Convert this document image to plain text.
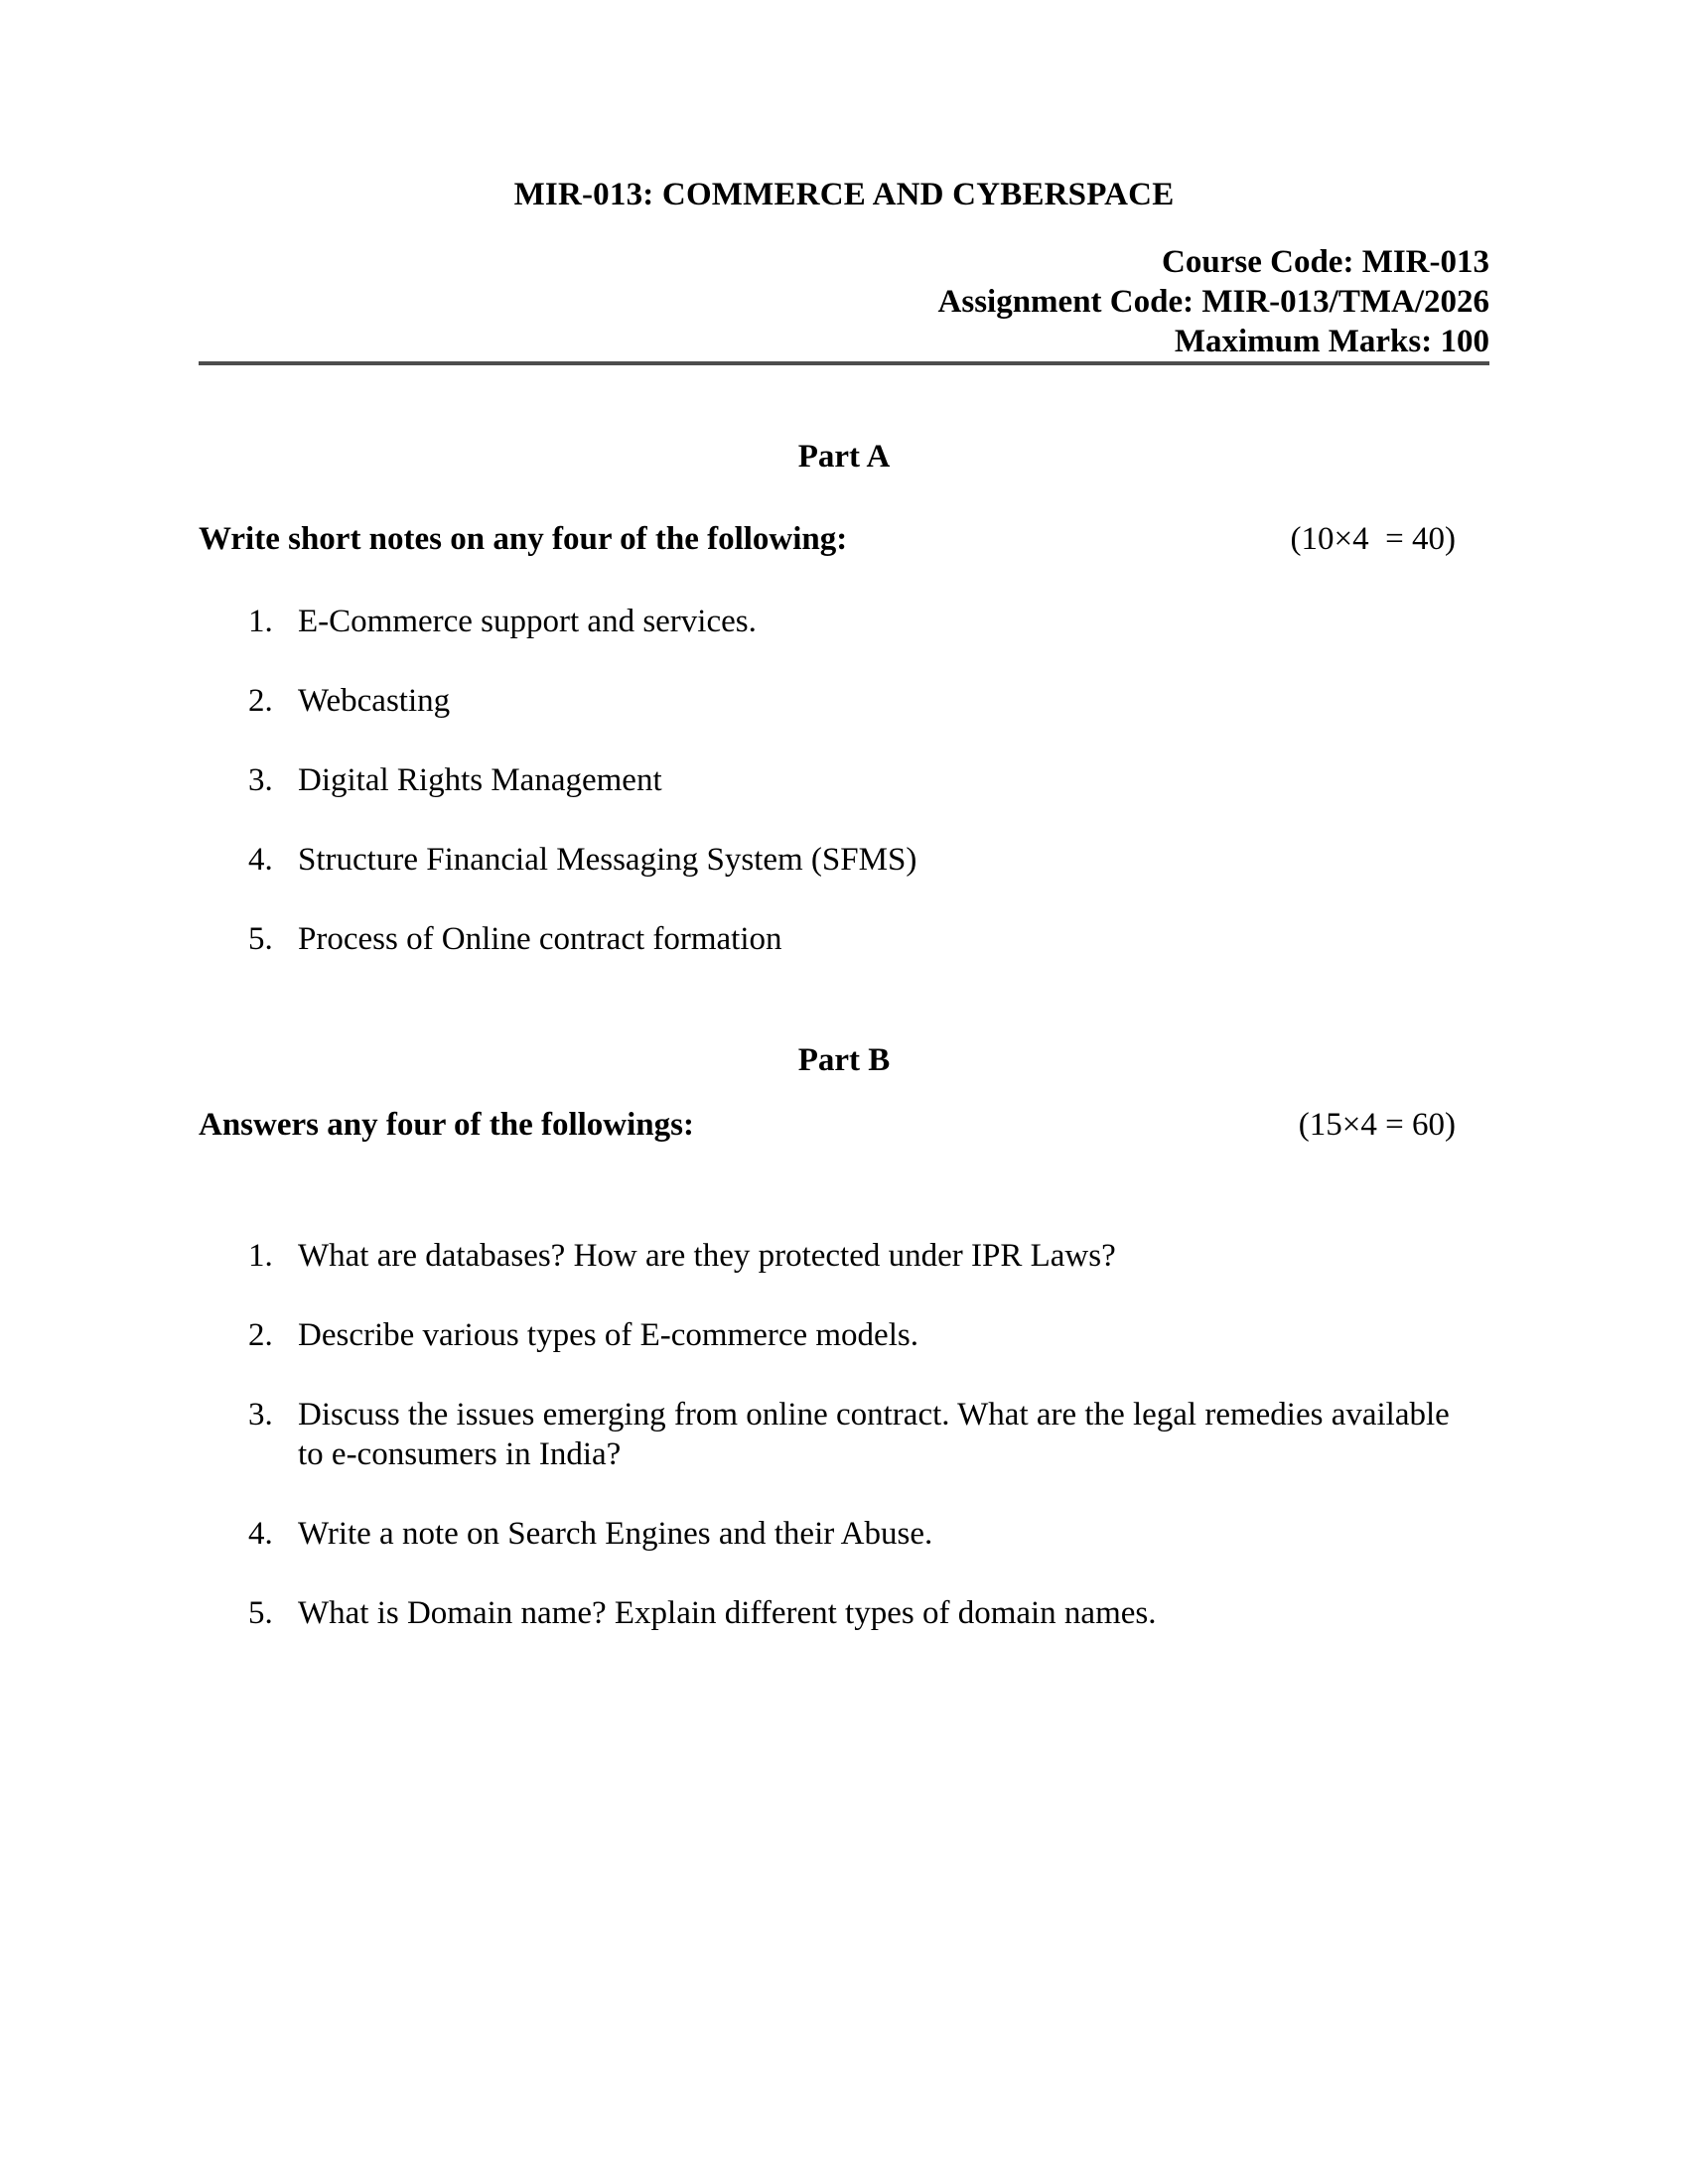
MIR-013: COMMERCE AND CYBERSPACE
Course Code: MIR-013
Assignment Code: MIR-013/TMA/2026
Maximum Marks: 100
Part A
Write short notes on any four of the following:	(10×4  = 40)
1. E-Commerce support and services.
2. Webcasting
3. Digital Rights Management
4. Structure Financial Messaging System (SFMS)
5. Process of Online contract formation
Part B
Answers any four of the followings:	(15×4 = 60)
1. What are databases? How are they protected under IPR Laws?
2. Describe various types of E-commerce models.
3. Discuss the issues emerging from online contract. What are the legal remedies available to e-consumers in India?
4. Write a note on Search Engines and their Abuse.
5. What is Domain name? Explain different types of domain names.
